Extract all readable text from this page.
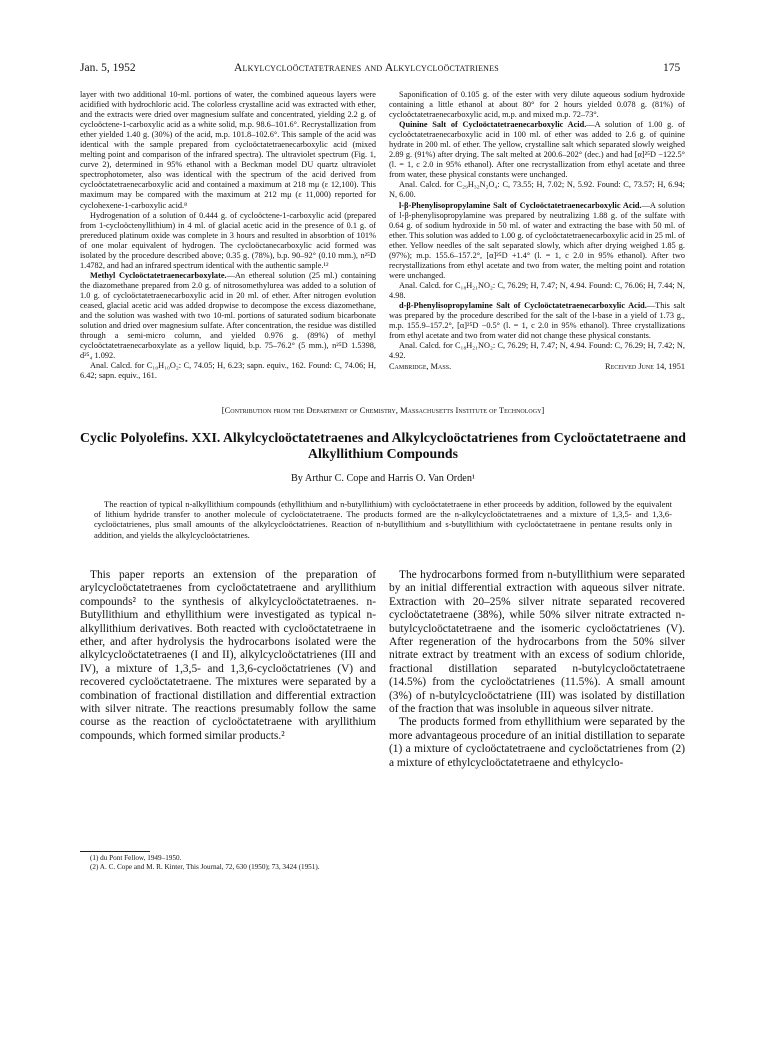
Jan. 5, 1952	Alkylcycloöctatetraenes and Alkylcycloöctatrienes	175

layer with two additional 10-ml. portions of water, the combined aqueous layers were acidified with hydrochloric acid. The colorless crystalline acid was extracted with ether, and the extracts were dried over magnesium sulfate and concentrated, yielding 2.2 g. of cycloöctene-1-carboxylic acid as a white solid, m.p. 98.6–101.6°. Recrystallization from ether yielded 1.40 g. (30%) of the acid, m.p. 101.8–102.6°. This sample of the acid was identical with the sample prepared from cycloöctatetraenecarboxylic acid (mixed melting point and comparison of the infrared spectra). The ultraviolet spectrum (Fig. 1, curve 2), determined in 95% ethanol with a Beckman model DU quartz ultraviolet spectrophotometer, also was identical with the spectrum of the acid derived from cycloöctatetraenecarboxylic acid and contained a maximum at 218 mμ (ε 12,100). This maximum may be compared with the maximum at 212 mμ (ε 11,000) reported for cyclohexene-1-carboxylic acid.⁸

Hydrogenation of a solution of 0.444 g. of cycloöctene-1-carboxylic acid (prepared from 1-cycloöctenyllithium) in 4 ml. of glacial acetic acid in the presence of 0.1 g. of prereduced platinum oxide was complete in 3 hours and resulted in absorbtion of 101% of one molar equivalent of hydrogen. The cycloöctanecarboxylic acid formed was isolated by the procedure described above; 0.35 g. (78%), b.p. 90–92° (0.10 mm.), n²⁵D 1.4782, and had an infrared spectrum identical with the authentic sample.¹²

Methyl Cycloöctatetraenecarboxylate.—An ethereal solution (25 ml.) containing the diazomethane prepared from 2.0 g. of nitrosomethylurea was added to a solution of 1.0 g. of cycloöctatetraenecarboxylic acid in 20 ml. of ether. After nitrogen evolution ceased, glacial acetic acid was added dropwise to decompose the excess diazomethane, and the solution was washed with two 10-ml. portions of saturated sodium bicarbonate solution and dried over magnesium sulfate. After concentration, the residue was distilled through a semi-micro column, and yielded 0.976 g. (89%) of methyl cycloöctatetraenecarboxylate as a yellow liquid, b.p. 75–76.2° (5 mm.), n²⁵D 1.5398, d²⁵₄ 1.092.

Anal. Calcd. for C₁₀H₁₀O₂: C, 74.05; H, 6.23; sapn. equiv., 162. Found: C, 74.06; H, 6.42; sapn. equiv., 161.

Saponification of 0.105 g. of the ester with very dilute aqueous sodium hydroxide containing a little ethanol at about 80° for 2 hours yielded 0.078 g. (81%) of cycloöctatetraenecarboxylic acid, m.p. and mixed m.p. 72–73°.

Quinine Salt of Cycloöctatetraenecarboxylic Acid.—A solution of 1.00 g. of cycloöctatetraenecarboxylic acid in 100 ml. of ether was added to 2.6 g. of quinine hydrate in 200 ml. of ether. The yellow, crystalline salt which separated slowly weighed 2.89 g. (91%) after drying. The salt melted at 200.6–202° (dec.) and had [α]²⁵D −122.5° (l. = 1, c 2.0 in 95% ethanol). After one recrystallization from ethyl acetate and three from water, these physical constants were unchanged.

Anal. Calcd. for C₂₉H₃₂N₂O₄: C, 73.55; H, 7.02; N, 5.92. Found: C, 73.57; H, 6.94; N, 6.00.

l-β-Phenylisopropylamine Salt of Cycloöctatetraenecarboxylic Acid.—A solution of l-β-phenylisopropylamine was prepared by neutralizing 1.88 g. of the sulfate with 0.64 g. of sodium hydroxide in 50 ml. of water and extracting the base with 50 ml. of ether. This solution was added to 1.00 g. of cycloöctatetraenecarboxylic acid in 25 ml. of ether. Yellow needles of the salt separated slowly, which after drying weighed 1.85 g. (97%); m.p. 155.6–157.2°, [α]²⁵D +1.4° (l. = 1, c 2.0 in 95% ethanol). After two recrystallizations from ethyl acetate and two from water, the melting point and rotation were unchanged.

Anal. Calcd. for C₁₈H₂₁NO₂: C, 76.29; H, 7.47; N, 4.94. Found: C, 76.06; H, 7.44; N, 4.98.

d-β-Phenylisopropylamine Salt of Cycloöctatetraenecarboxylic Acid.—This salt was prepared by the procedure described for the salt of the l-base in a yield of 1.73 g., m.p. 155.9–157.2°, [α]²⁵D −0.5° (l. = 1, c 2.0 in 95% ethanol). Three crystallizations from ethyl acetate and two from water did not change these physical constants.

Anal. Calcd. for C₁₈H₂₁NO₂: C, 76.29; H, 7.47; N, 4.94. Found: C, 76.29; H, 7.42; N, 4.92.

Cambridge, Mass.	Received June 14, 1951
[Contribution from the Department of Chemistry, Massachusetts Institute of Technology]
Cyclic Polyolefins. XXI. Alkylcycloöctatetraenes and Alkylcycloöctatrienes from Cycloöctatetraene and Alkyllithium Compounds
By Arthur C. Cope and Harris O. Van Orden¹
The reaction of typical n-alkyllithium compounds (ethyllithium and n-butyllithium) with cycloöctatetraene in ether proceeds by addition, followed by the equivalent of lithium hydride transfer to another molecule of cycloöctatetraene. The products formed are the n-alkylcycloöctatetraenes and a mixture of 1,3,5- and 1,3,6-cycloöctatrienes, plus small amounts of the alkylcycloöctatrienes. Reaction of n-butyllithium and s-butyllithium with cycloöctatetraene in pentane results only in addition, and yields the alkylcycloöctatrienes.

This paper reports an extension of the preparation of arylcycloöctatetraenes from cycloöctatetraene and aryllithium compounds² to the synthesis of alkylcycloöctatetraenes. n-Butyllithium and ethyllithium were investigated as typical n-alkyllithium derivatives. Both reacted with cycloöctatetraene in ether, and after hydrolysis the hydrocarbons isolated were the alkylcycloöctatetraenes (I and II), alkylcycloöctatrienes (III and IV), a mixture of 1,3,5- and 1,3,6-cycloöctatrienes (V) and recovered cycloöctatetraene. The mixtures were separated by a combination of fractional distillation and differential extraction with silver nitrate. The reactions presumably follow the same course as the reaction of cycloöctatetraene with aryllithium compounds, which formed similar products.²

(1) du Pont Fellow, 1949–1950.
(2) A. C. Cope and M. R. Kinter, This Journal, 72, 630 (1950); 73, 3424 (1951).

The hydrocarbons formed from n-butyllithium were separated by an initial differential extraction with aqueous silver nitrate. Extraction with 20–25% silver nitrate separated recovered cycloöctatetraene (38%), while 50% silver nitrate extracted n-butylcycloöctatetraene and the isomeric cycloöctatrienes (V). After regeneration of the hydrocarbons from the 50% silver nitrate extract by treatment with an excess of sodium chloride, fractional distillation separated n-butylcycloöctatetraene (14.5%) from the cycloöctatrienes (11.5%). A small amount (3%) of n-butylcycloöctatriene (III) was isolated by distillation of the fraction that was insoluble in aqueous silver nitrate.

The products formed from ethyllithium were separated by the more advantageous procedure of an initial distillation to separate (1) a mixture of cycloöctatetraene and cycloöctatrienes from (2) a mixture of ethylcycloöctatetraene and ethylcyclo-
